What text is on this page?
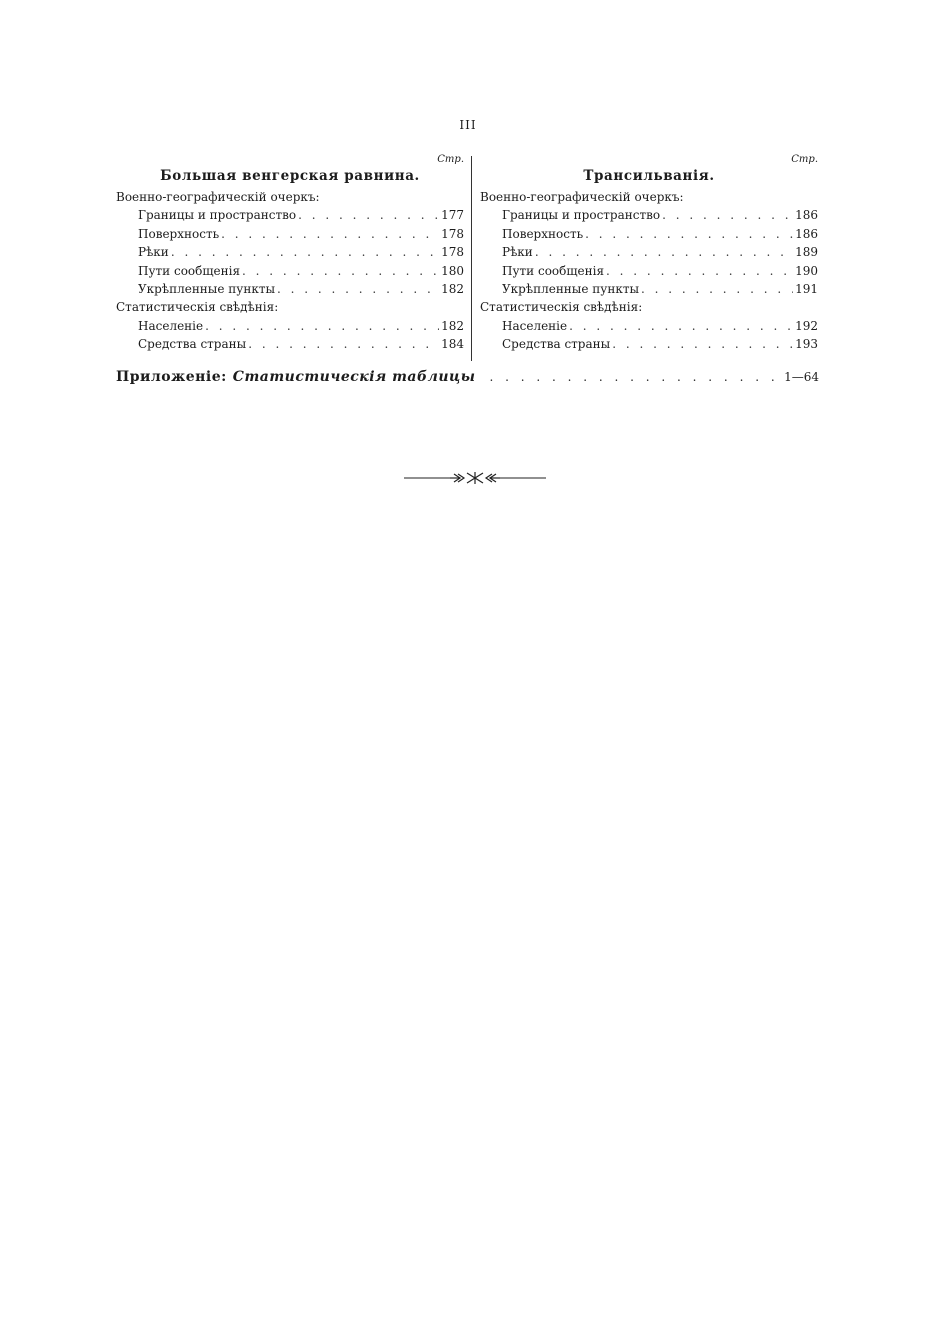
III
Стр.
Большая венгерская равнина.
Военно-географическій очеркъ:
Границы и пространство . . .	177
Поверхность . . .	178
Рѣки . . .	178
Пути сообщенія . . .	180
Укрѣпленные пункты . . .	182
Статистическія свѣдѣнія:
Населеніе . . .	182
Средства страны . . .	184
Стр.
Трансильванія.
Военно-географическій очеркъ:
Границы и пространство . . .	186
Поверхность . . .	186
Рѣки . . .	189
Пути сообщенія . . .	190
Укрѣпленные пункты . . .	191
Статистическія свѣдѣнія:
Населеніе . . .	192
Средства страны . . .	193
Приложеніе: Статистическія таблицы . . .	1—64
